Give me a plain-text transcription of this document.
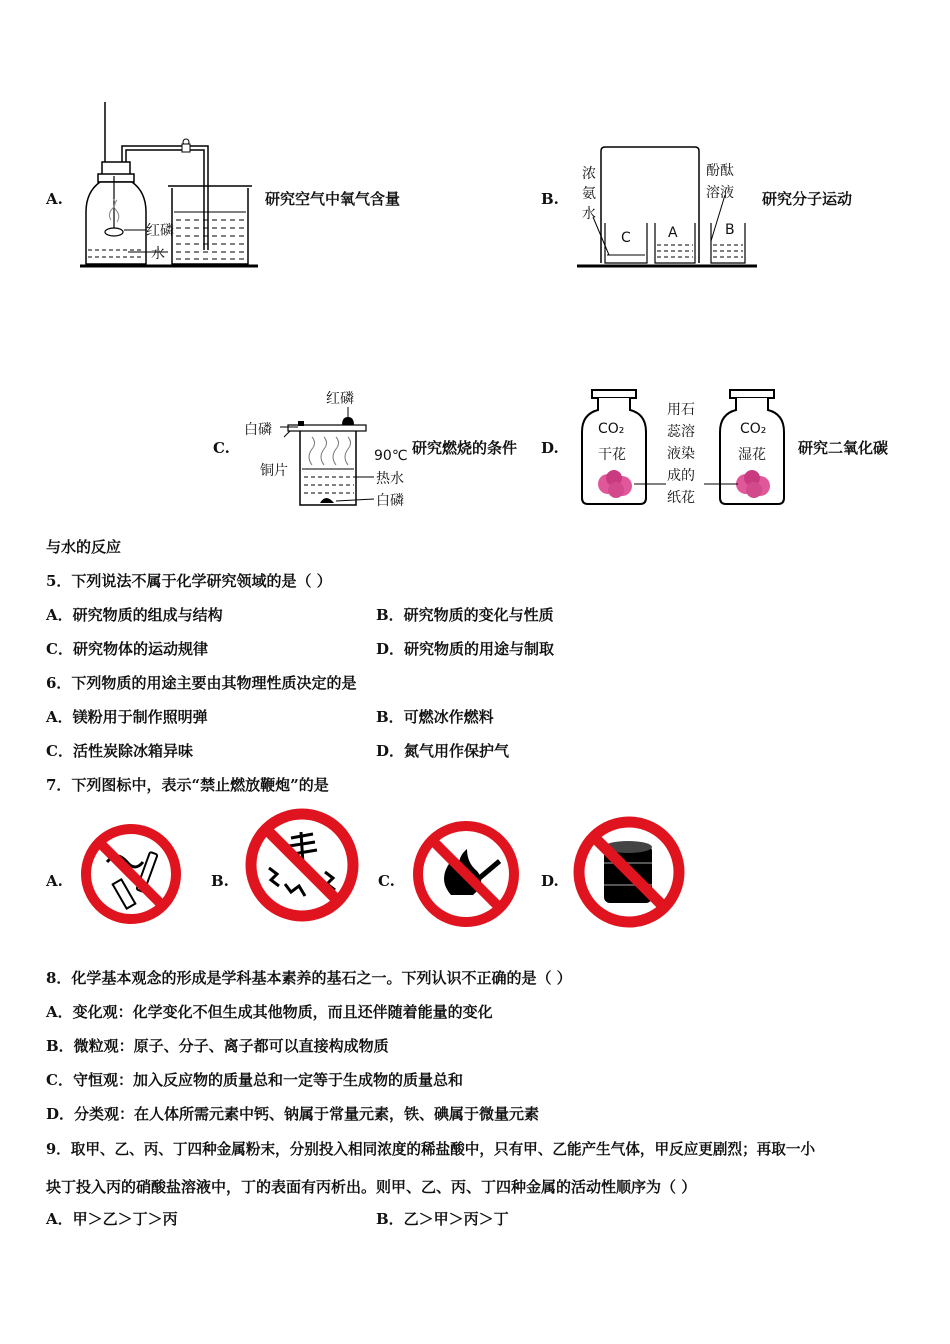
A.
红磷
水
研究空气中氧气含量	B.
浓
氨
水
酚酞
溶液
C	A	B
研究分子运动
C.
红磷
白磷
铜片
90℃
热水
白磷
研究燃烧的条件 D.
CO₂
干花
CO₂
湿花
用石
蕊溶
液染
成的
纸花
研究二氧化碳
与水的反应
5．下列说法不属于化学研究领域的是（ ）
A．研究物质的组成与结构	B．研究物质的变化与性质
C．研究物体的运动规律	D．研究物质的用途与制取
6．下列物质的用途主要由其物理性质决定的是
A．镁粉用于制作照明弹	B．可燃冰作燃料
C．活性炭除冰箱异味	D．氮气用作保护气
7．下列图标中，表示“禁止燃放鞭炮”的是
A.	B.	C.	D.
8．化学基本观念的形成是学科基本素养的基石之一。下列认识不正确的是（ ）
A．变化观：化学变化不但生成其他物质，而且还伴随着能量的变化
B．微粒观：原子、分子、离子都可以直接构成物质
C．守恒观：加入反应物的质量总和一定等于生成物的质量总和
D．分类观：在人体所需元素中钙、钠属于常量元素，铁、碘属于微量元素
9．取甲、乙、丙、丁四种金属粉末，分别投入相同浓度的稀盐酸中，只有甲、乙能产生气体，甲反应更剧烈；再取一小
块丁投入丙的硝酸盐溶液中，丁的表面有丙析出。则甲、乙、丙、丁四种金属的活动性顺序为（ ）
A．甲＞乙＞丁＞丙	B．乙＞甲＞丙＞丁
